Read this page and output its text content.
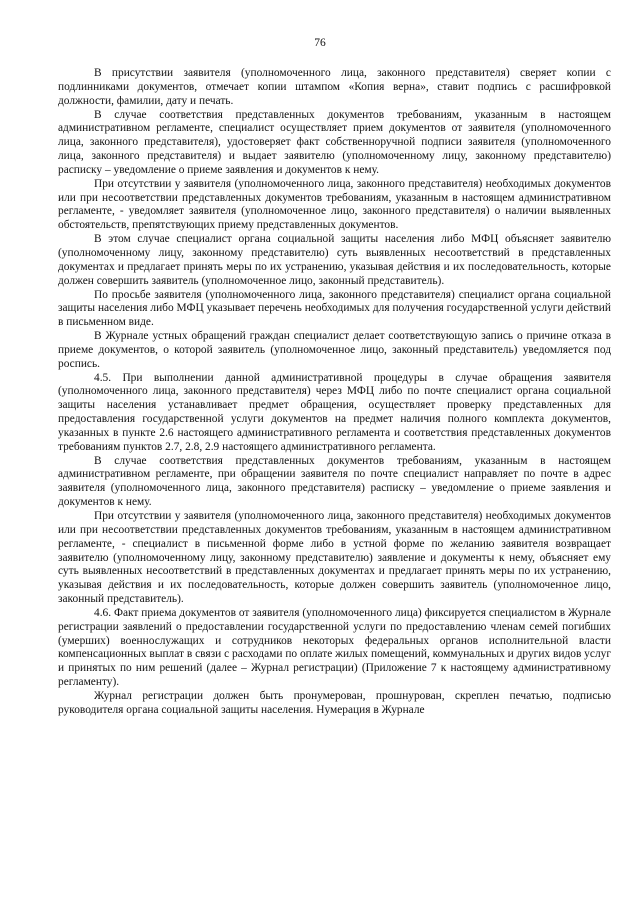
76

В присутствии заявителя (уполномоченного лица, законного представителя) сверяет копии с подлинниками документов, отмечает копии штампом «Копия верна», ставит подпись с расшифровкой должности, фамилии, дату и печать.

В случае соответствия представленных документов требованиям, указанным в настоящем административном регламенте, специалист осуществляет прием документов от заявителя (уполномоченного лица, законного представителя), удостоверяет факт собственноручной подписи заявителя (уполномоченного лица, законного представителя) и выдает заявителю (уполномоченному лицу, законному представителю) расписку – уведомление о приеме заявления и документов к нему.

При отсутствии у заявителя (уполномоченного лица, законного представителя) необходимых документов или при несоответствии представленных документов требованиям, указанным в настоящем административном регламенте, - уведомляет заявителя (уполномоченное лицо, законного представителя) о наличии выявленных обстоятельств, препятствующих приему представленных документов.

В этом случае специалист органа социальной защиты населения либо МФЦ объясняет заявителю (уполномоченному лицу, законному представителю) суть выявленных несоответствий в представленных документах и предлагает принять меры по их устранению, указывая действия и их последовательность, которые должен совершить заявитель (уполномоченное лицо, законный представитель).

По просьбе заявителя (уполномоченного лица, законного представителя) специалист органа социальной защиты населения либо МФЦ указывает перечень необходимых для получения государственной услуги действий в письменном виде.

В Журнале устных обращений граждан специалист делает соответствующую запись о причине отказа в приеме документов, о которой заявитель (уполномоченное лицо, законный представитель) уведомляется под роспись.

4.5. При выполнении данной административной процедуры в случае обращения заявителя (уполномоченного лица, законного представителя) через МФЦ либо по почте специалист органа социальной защиты населения устанавливает предмет обращения, осуществляет проверку представленных для предоставления государственной услуги документов на предмет наличия полного комплекта документов, указанных в пункте 2.6 настоящего административного регламента и соответствия представленных документов требованиям пунктов 2.7, 2.8, 2.9 настоящего административного регламента.

В случае соответствия представленных документов требованиям, указанным в настоящем административном регламенте, при обращении заявителя по почте специалист направляет по почте в адрес заявителя (уполномоченного лица, законного представителя) расписку – уведомление о приеме заявления и документов к нему.

При отсутствии у заявителя (уполномоченного лица, законного представителя) необходимых документов или при несоответствии представленных документов требованиям, указанным в настоящем административном регламенте, - специалист в письменной форме либо в устной форме по желанию заявителя возвращает заявителю (уполномоченному лицу, законному представителю) заявление и документы к нему, объясняет ему суть выявленных несоответствий в представленных документах и предлагает принять меры по их устранению, указывая действия и их последовательность, которые должен совершить заявитель (уполномоченное лицо, законный представитель).

4.6. Факт приема документов от заявителя (уполномоченного лица) фиксируется специалистом в Журнале регистрации заявлений о предоставлении государственной услуги по предоставлению членам семей погибших (умерших) военнослужащих и сотрудников некоторых федеральных органов исполнительной власти компенсационных выплат в связи с расходами по оплате жилых помещений, коммунальных и других видов услуг и принятых по ним решений (далее – Журнал регистрации) (Приложение 7 к настоящему административному регламенту).

Журнал регистрации должен быть пронумерован, прошнурован, скреплен печатью, подписью руководителя органа социальной защиты населения. Нумерация в Журнале
